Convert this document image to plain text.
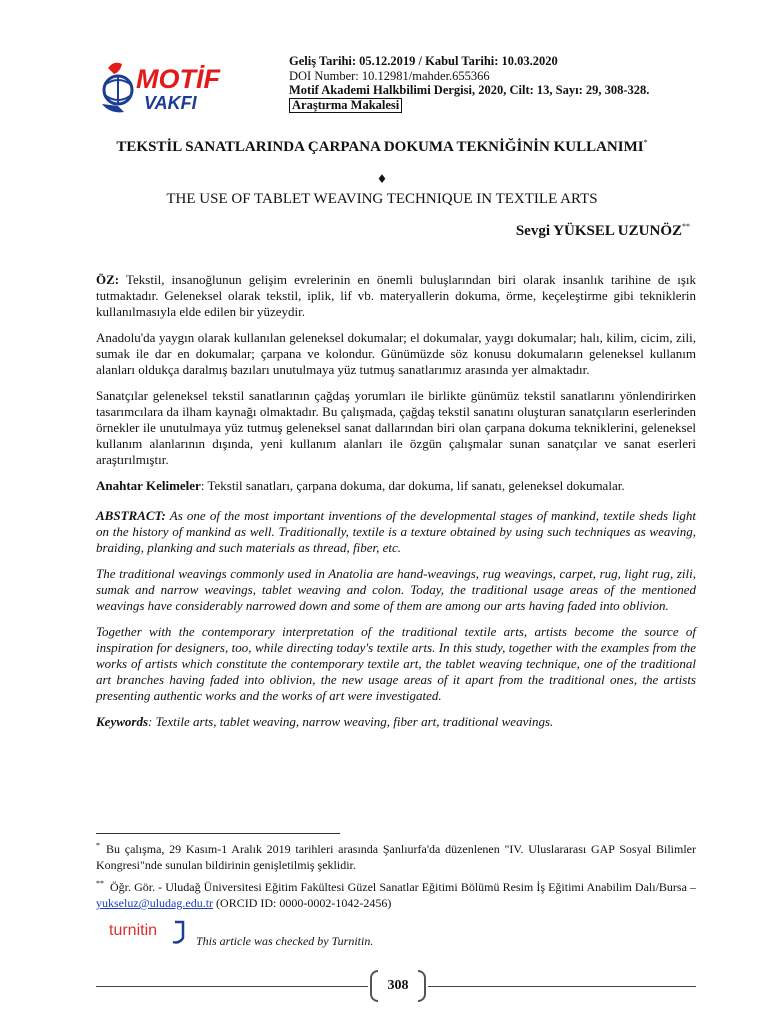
MOTİF
VAKFI
Geliş Tarihi: 05.12.2019 / Kabul Tarihi: 10.03.2020
DOI Number: 10.12981/mahder.655366
Motif Akademi Halkbilimi Dergisi, 2020, Cilt: 13, Sayı: 29, 308-328.
Araştırma Makalesi
TEKSTİL SANATLARINDA ÇARPANA DOKUMA TEKNİĞİNİN KULLANIMI*
♦
THE USE OF TABLET WEAVING TECHNIQUE IN TEXTILE ARTS
Sevgi YÜKSEL UZUNÖZ**

ÖZ: Tekstil, insanoğlunun gelişim evrelerinin en önemli buluşlarından biri olarak insanlık tarihine de ışık tutmaktadır. Geleneksel olarak tekstil, iplik, lif vb. materyallerin dokuma, örme, keçeleştirme gibi tekniklerin kullanılmasıyla elde edilen bir yüzeydir.

Anadolu'da yaygın olarak kullanılan geleneksel dokumalar; el dokumalar, yaygı dokumalar; halı, kilim, cicim, zili, sumak ile dar en dokumalar; çarpana ve kolondur. Günümüzde söz konusu dokumaların geleneksel kullanım alanları oldukça daralmış bazıları unutulmaya yüz tutmuş sanatlarımız arasında yer almaktadır.

Sanatçılar geleneksel tekstil sanatlarının çağdaş yorumları ile birlikte günümüz tekstil sanatlarını yönlendirirken tasarımcılara da ilham kaynağı olmaktadır. Bu çalışmada, çağdaş tekstil sanatını oluşturan sanatçıların eserlerinden örnekler ile unutulmaya yüz tutmuş geleneksel sanat dallarından biri olan çarpana dokuma tekniklerini, geleneksel kullanım alanlarının dışında, yeni kullanım alanları ile özgün çalışmalar sunan sanatçılar ve sanat eserleri araştırılmıştır.

Anahtar Kelimeler: Tekstil sanatları, çarpana dokuma, dar dokuma, lif sanatı, geleneksel dokumalar.

ABSTRACT: As one of the most important inventions of the developmental stages of mankind, textile sheds light on the history of mankind as well. Traditionally, textile is a texture obtained by using such techniques as weaving, braiding, planking and such materials as thread, fiber, etc.

The traditional weavings commonly used in Anatolia are hand-weavings, rug weavings, carpet, rug, light rug, zili, sumak and narrow weavings, tablet weaving and colon. Today, the traditional usage areas of the mentioned weavings have considerably narrowed down and some of them are among our arts having faded into oblivion.

Together with the contemporary interpretation of the traditional textile arts, artists become the source of inspiration for designers, too, while directing today's textile arts. In this study, together with the examples from the works of artists which constitute the contemporary textile art, the tablet weaving technique, one of the traditional art branches having faded into oblivion, the new usage areas of it apart from the traditional ones, the artists presenting authentic works and the works of art were investigated.

Keywords: Textile arts, tablet weaving, narrow weaving, fiber art, traditional weavings.

* Bu çalışma, 29 Kasım-1 Aralık 2019 tarihleri arasında Şanlıurfa'da düzenlenen "IV. Uluslararası GAP Sosyal Bilimler Kongresi"nde sunulan bildirinin genişletilmiş şeklidir.
** Öğr. Gör. - Uludağ Üniversitesi Eğitim Fakültesi Güzel Sanatlar Eğitimi Bölümü Resim İş Eğitimi Anabilim Dalı/Bursa – yukseluz@uludag.edu.tr (ORCID ID: 0000-0002-1042-2456)
turnitin
This article was checked by Turnitin.
308
